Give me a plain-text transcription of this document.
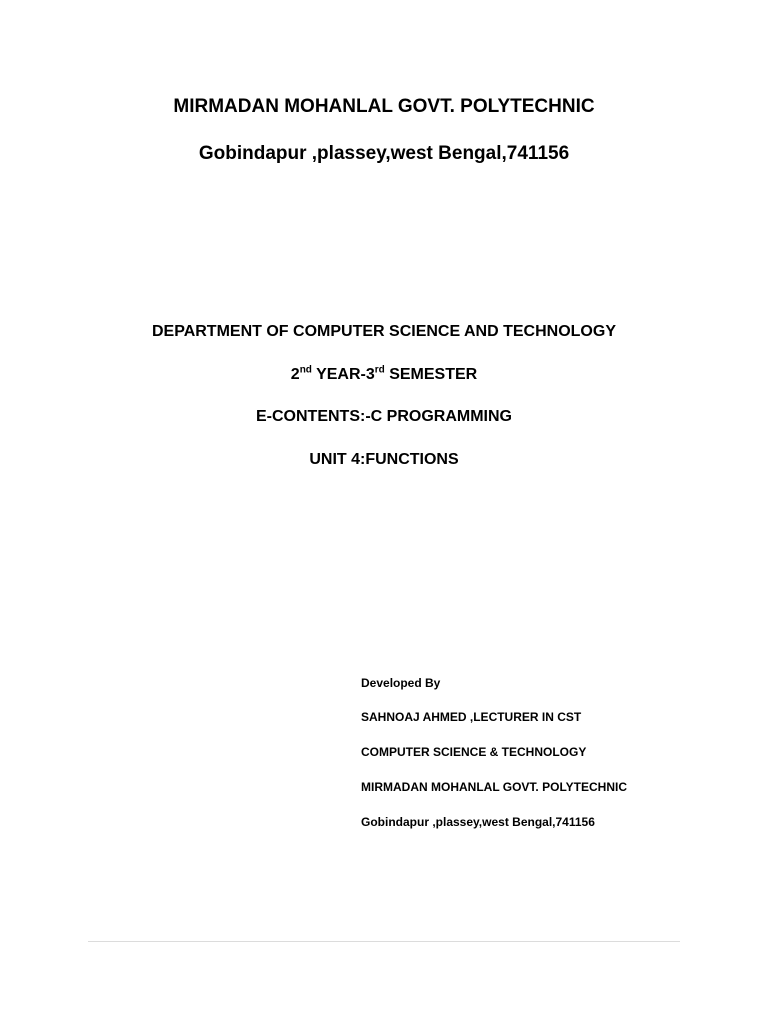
MIRMADAN MOHANLAL GOVT. POLYTECHNIC
Gobindapur ,plassey,west Bengal,741156
DEPARTMENT OF COMPUTER SCIENCE AND TECHNOLOGY
2nd YEAR-3rd SEMESTER
E-CONTENTS:-C PROGRAMMING
UNIT 4:FUNCTIONS
Developed By
SAHNOAJ AHMED ,LECTURER IN CST
COMPUTER SCIENCE & TECHNOLOGY
MIRMADAN MOHANLAL GOVT. POLYTECHNIC
Gobindapur ,plassey,west Bengal,741156
